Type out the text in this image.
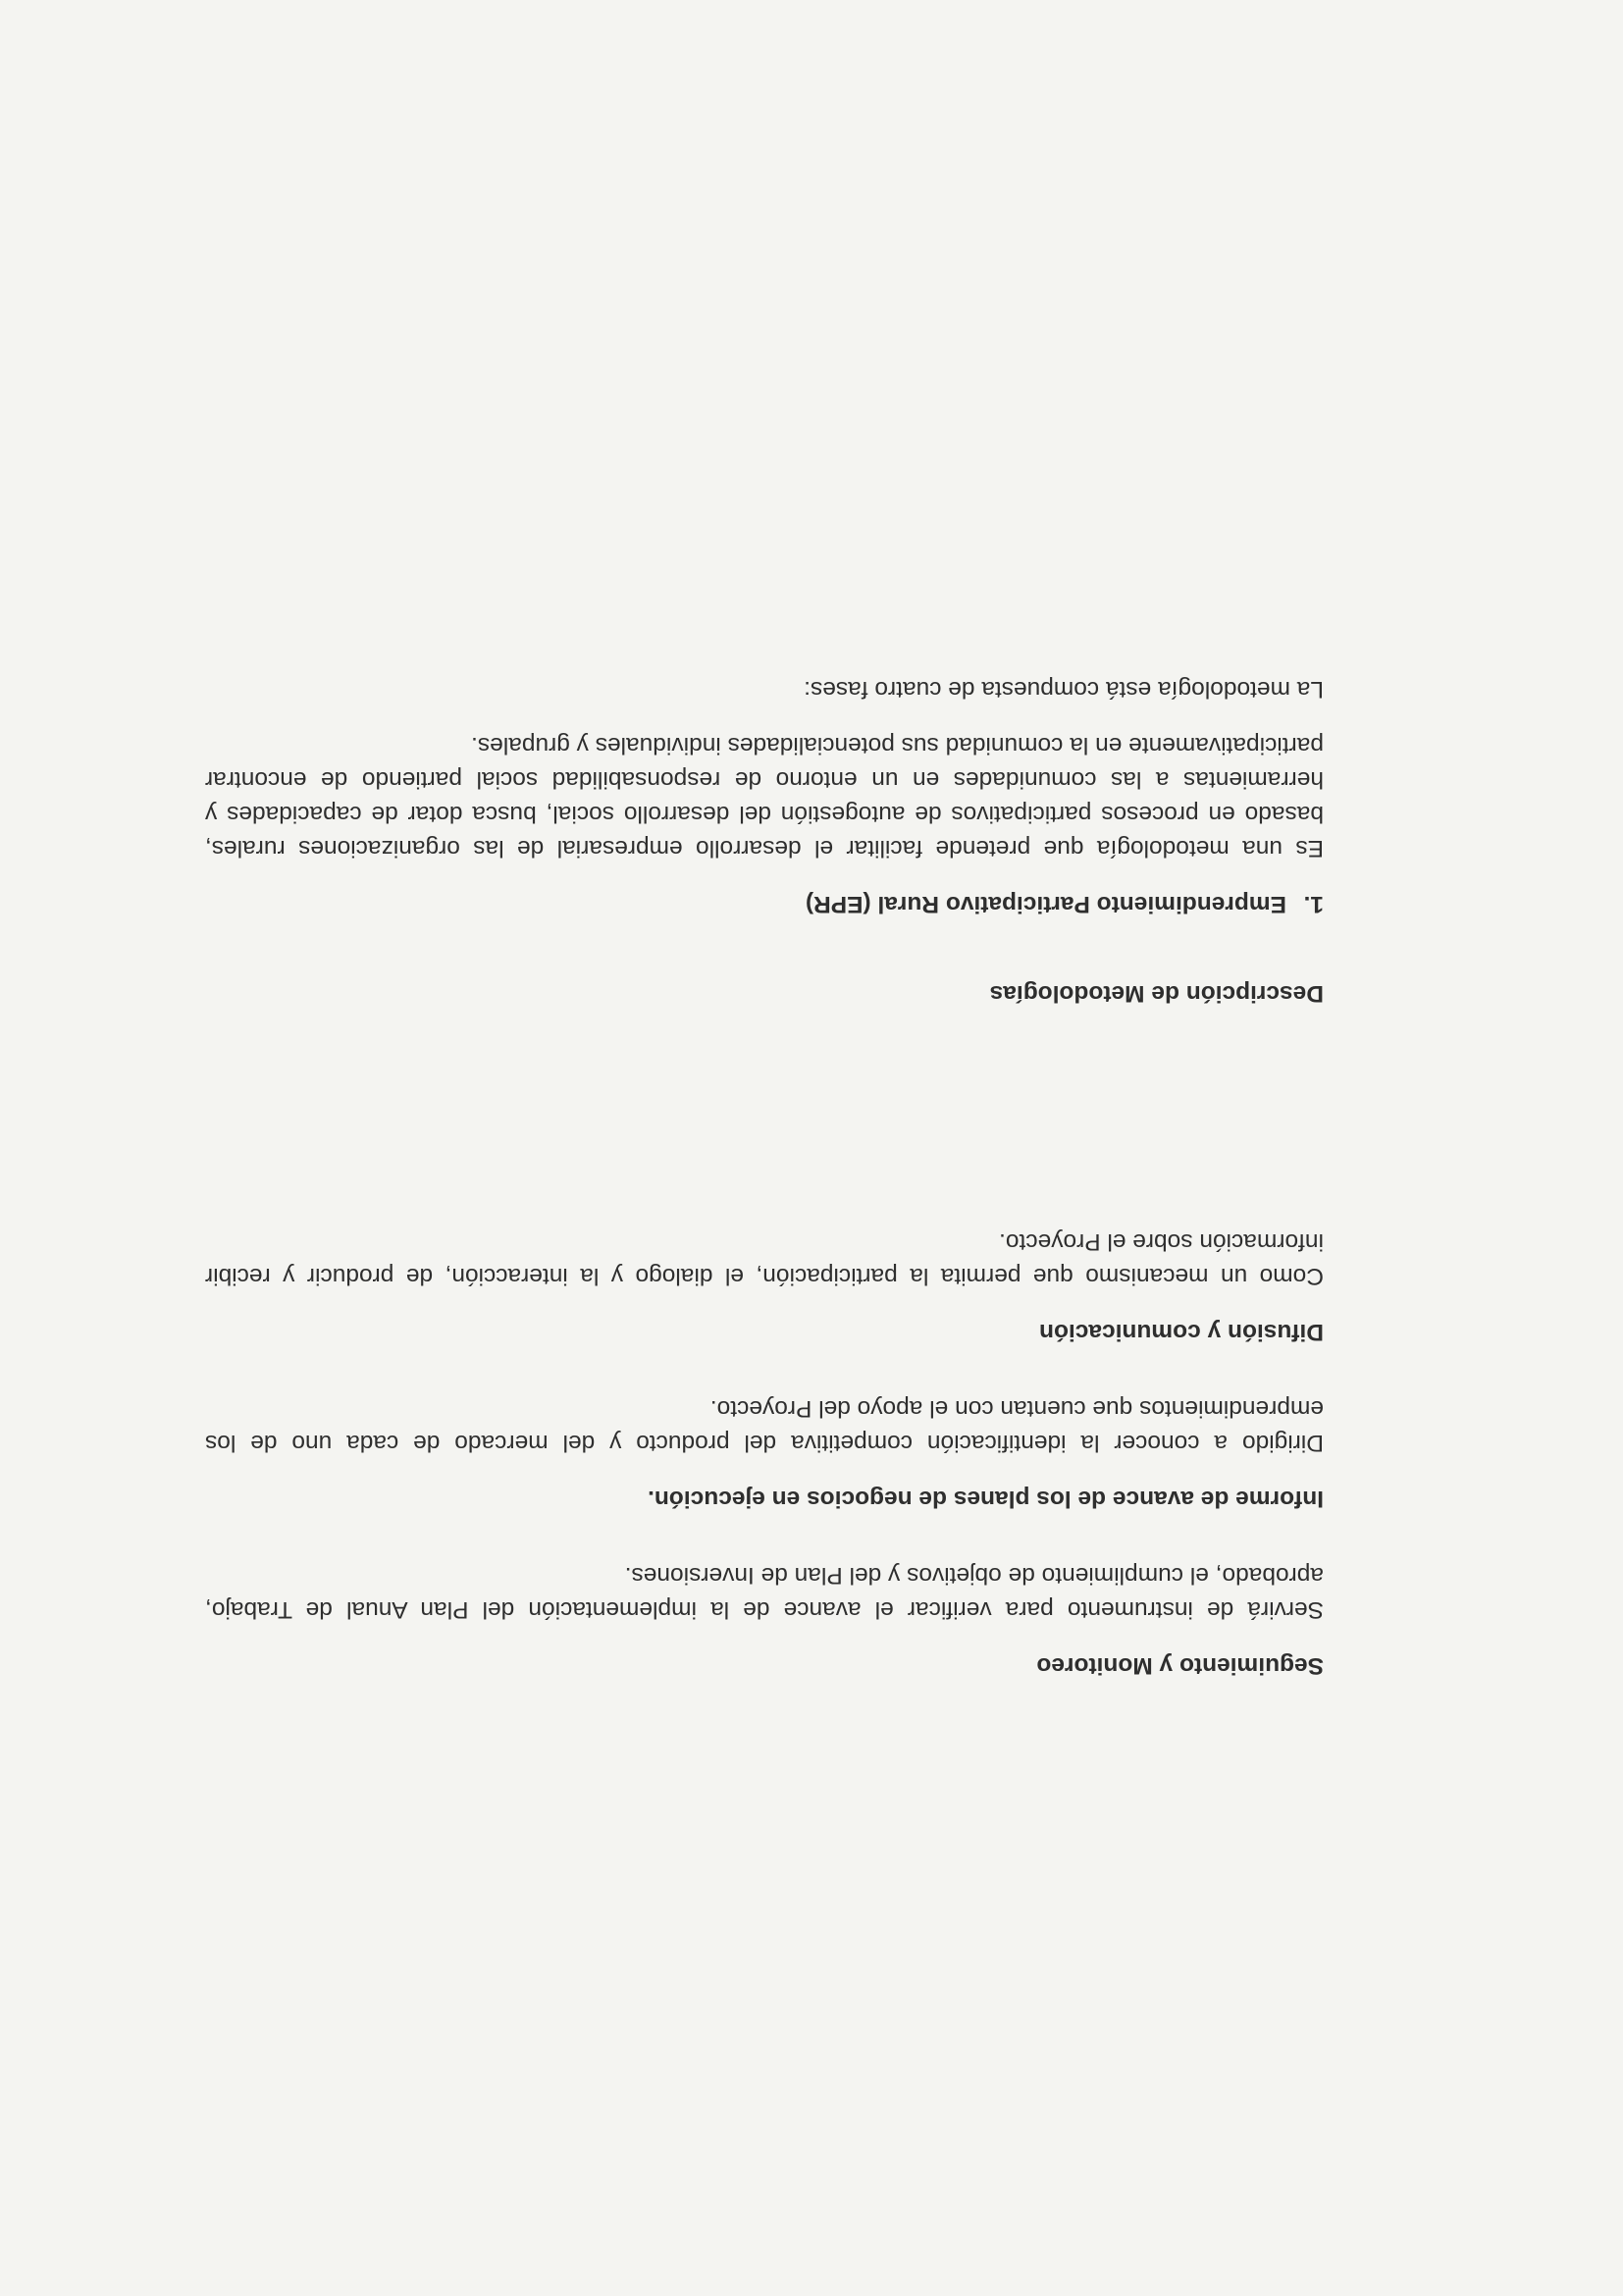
Seguimiento y Monitoreo

Servirá de instrumento para verificar el avance de la implementación del Plan Anual de Trabajo, aprobado, el cumplimiento de objetivos y del Plan de Inversiones.

Informe de avance de los planes de negocios en ejecución.

Dirigido a conocer la identificación competitiva del producto y del mercado de cada uno de los emprendimientos que cuentan con el apoyo del Proyecto.

Difusión y comunicación

Como un mecanismo que permita la participación, el dialogo y la interacción, de producir y recibir información sobre el Proyecto.

Descripción de Metodologías

1.Emprendimiento Participativo Rural (EPR)

Es una metodología que pretende facilitar el desarrollo empresarial de las organizaciones rurales, basado en procesos participativos de autogestión del desarrollo social, busca dotar de capacidades y herramientas a las comunidades en un entorno de responsabilidad social partiendo de encontrar participativamente en la comunidad sus potencialidades individuales y grupales.

La metodología está compuesta de cuatro fases:
